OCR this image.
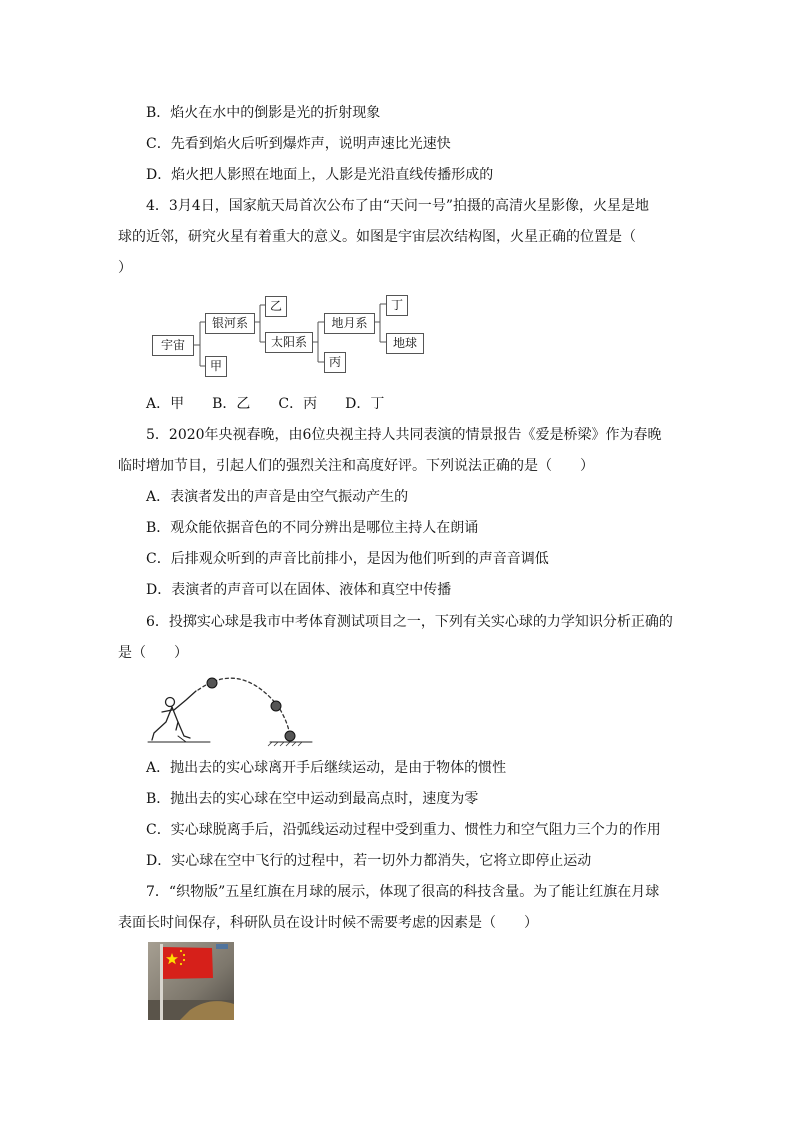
B．焰火在水中的倒影是光的折射现象
C．先看到焰火后听到爆炸声，说明声速比光速快
D．焰火把人影照在地面上，人影是光沿直线传播形成的
4．3月4日，国家航天局首次公布了由“天问一号”拍摄的高清火星影像，火星是地
球的近邻，研究火星有着重大的意义。如图是宇宙层次结构图，火星正确的位置是（
）
宇宙
银河系
甲
乙
太阳系
地月系
丙
丁
地球
A．甲　　B．乙　　C．丙　　D．丁
5．2020年央视春晚，由6位央视主持人共同表演的情景报告《爱是桥梁》作为春晚
临时增加节目，引起人们的强烈关注和高度好评。下列说法正确的是（　　）
A．表演者发出的声音是由空气振动产生的
B．观众能依据音色的不同分辨出是哪位主持人在朗诵
C．后排观众听到的声音比前排小，是因为他们听到的声音音调低
D．表演者的声音可以在固体、液体和真空中传播
6．投掷实心球是我市中考体育测试项目之一，下列有关实心球的力学知识分析正确的
是（　　）
A．抛出去的实心球离开手后继续运动，是由于物体的惯性
B．抛出去的实心球在空中运动到最高点时，速度为零
C．实心球脱离手后，沿弧线运动过程中受到重力、惯性力和空气阻力三个力的作用
D．实心球在空中飞行的过程中，若一切外力都消失，它将立即停止运动
7．“织物版”五星红旗在月球的展示，体现了很高的科技含量。为了能让红旗在月球
表面长时间保存，科研队员在设计时候不需要考虑的因素是（　　）
